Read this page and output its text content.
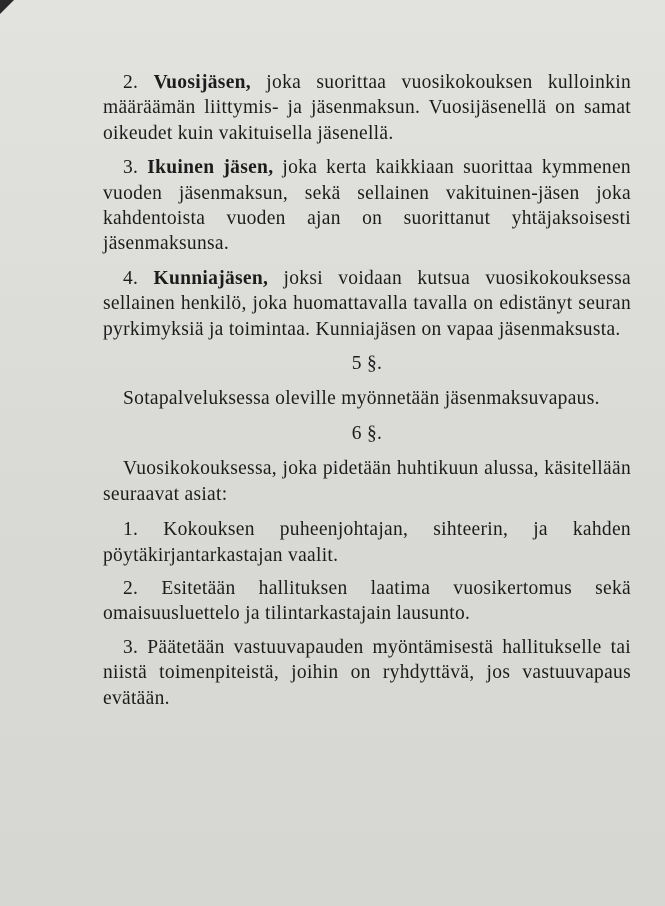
2. Vuosijäsen, joka suorittaa vuosikokouksen kulloinkin määräämän liittymis- ja jäsenmaksun. Vuosijäsenellä on samat oikeudet kuin vakituisella jäsenellä.

3. Ikuinen jäsen, joka kerta kaikkiaan suorittaa kymmenen vuoden jäsenmaksun, sekä sellainen vakituinen-jäsen joka kahdentoista vuoden ajan on suorittanut yhtäjaksoisesti jäsenmaksunsa.

4. Kunniajäsen, joksi voidaan kutsua vuosikokouksessa sellainen henkilö, joka huomattavalla tavalla on edistänyt seuran pyrkimyksiä ja toimintaa. Kunniajäsen on vapaa jäsenmaksusta.

5 §.

Sotapalveluksessa oleville myönnetään jäsenmaksuvapaus.

6 §.

Vuosikokouksessa, joka pidetään huhtikuun alussa, käsitellään seuraavat asiat:

1. Kokouksen puheenjohtajan, sihteerin, ja kahden pöytäkirjantarkastajan vaalit.

2. Esitetään hallituksen laatima vuosikertomus sekä omaisuusluettelo ja tilintarkastajain lausunto.

3. Päätetään vastuuvapauden myöntämisestä hallitukselle tai niistä toimenpiteistä, joihin on ryhdyttävä, jos vastuuvapaus evätään.
